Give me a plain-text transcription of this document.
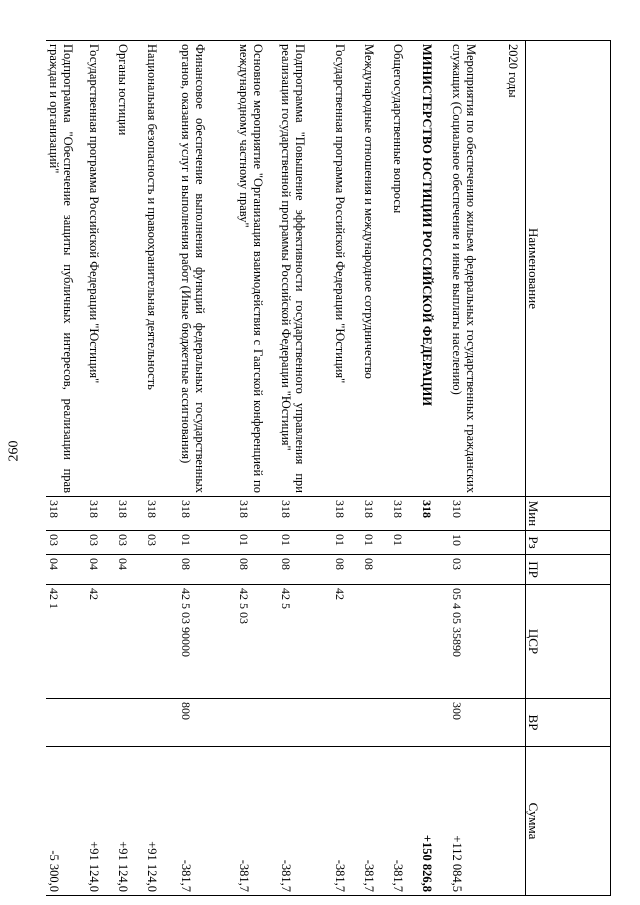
260
Наименование	Мин	Рз	ПР	ЦСР	ВР	Сумма
2020 годы						
Мероприятия по обеспечению жильем федеральных государственных гражданских служащих (Социальное обеспечение и иные выплаты населению)	310	10	03	05 4 05 35890	300	+112 084,5
МИНИСТЕРСТВО ЮСТИЦИИ РОССИЙСКОЙ ФЕДЕРАЦИИ	318					+150 826,8
Общегосударственные вопросы	318	01				-381,7
Международные отношения и международное сотрудничество	318	01	08			-381,7
Государственная программа Российской Федерации "Юстиция"	318	01	08	42		-381,7
Подпрограмма "Повышение эффективности государственного управления при реализации государственной программы Российской Федерации "Юстиция"	318	01	08	42 5		-381,7
Основное мероприятие "Организация взаимодействия с Гаагской конференцией по международному частному праву"	318	01	08	42 5 03		-381,7
Финансовое обеспечение выполнения функций федеральных государственных органов, оказания услуг и выполнения работ (Иные бюджетные ассигнования)	318	01	08	42 5 03 90000	800	-381,7
Национальная безопасность и правоохранительная деятельность	318	03				+91 124,0
Органы юстиции	318	03	04			+91 124,0
Государственная программа Российской Федерации "Юстиция"	318	03	04	42		+91 124,0
Подпрограмма "Обеспечение защиты публичных интересов, реализации прав граждан и организаций"	318	03	04	42 1		-5 300,0
